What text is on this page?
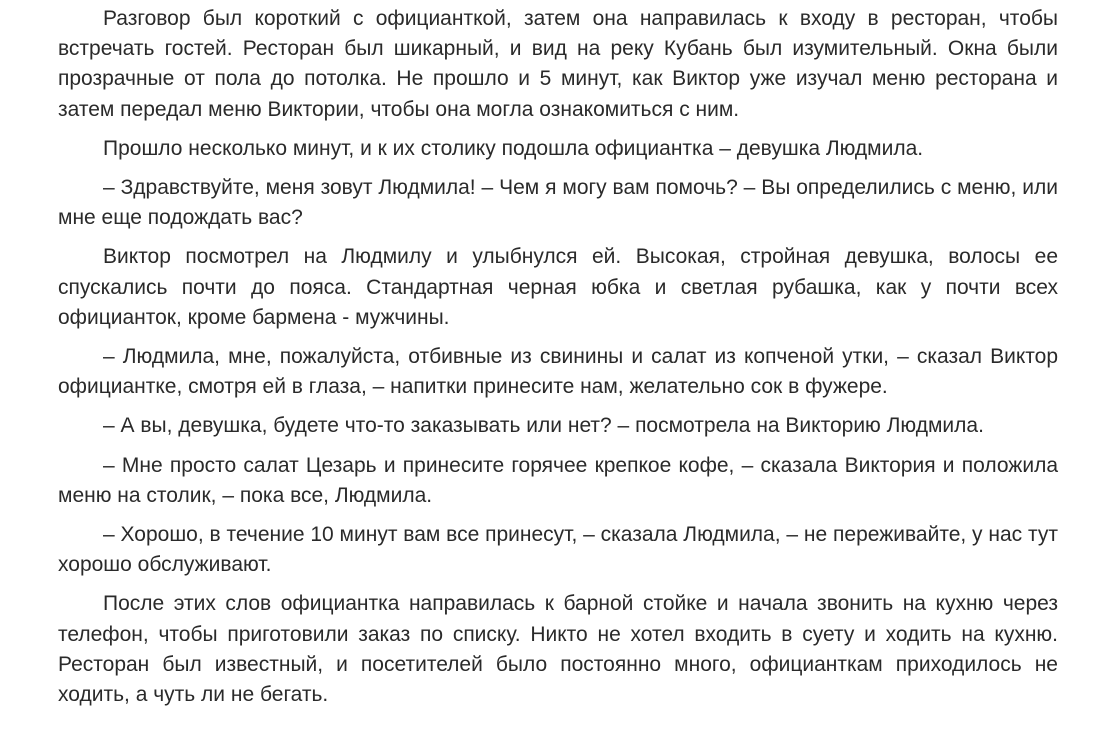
Разговор был короткий с официанткой, затем она направилась к входу в ресторан, чтобы встречать гостей. Ресторан был шикарный, и вид на реку Кубань был изумительный. Окна были прозрачные от пола до потолка. Не прошло и 5 минут, как Виктор уже изучал меню ресторана и затем передал меню Виктории, чтобы она могла ознакомиться с ним.

Прошло несколько минут, и к их столику подошла официантка – девушка Людмила.

– Здравствуйте, меня зовут Людмила! – Чем я могу вам помочь? – Вы определились с меню, или мне еще подождать вас?

Виктор посмотрел на Людмилу и улыбнулся ей. Высокая, стройная девушка, волосы ее спускались почти до пояса. Стандартная черная юбка и светлая рубашка, как у почти всех официанток, кроме бармена - мужчины.

– Людмила, мне, пожалуйста, отбивные из свинины и салат из копченой утки, – сказал Виктор официантке, смотря ей в глаза, – напитки принесите нам, желательно сок в фужере.

– А вы, девушка, будете что-то заказывать или нет? – посмотрела на Викторию Людмила.

– Мне просто салат Цезарь и принесите горячее крепкое кофе, – сказала Виктория и положила меню на столик, – пока все, Людмила.

– Хорошо, в течение 10 минут вам все принесут, – сказала Людмила, – не переживайте, у нас тут хорошо обслуживают.

После этих слов официантка направилась к барной стойке и начала звонить на кухню через телефон, чтобы приготовили заказ по списку. Никто не хотел входить в суету и ходить на кухню. Ресторан был известный, и посетителей было постоянно много, официанткам приходилось не ходить, а чуть ли не бегать.
